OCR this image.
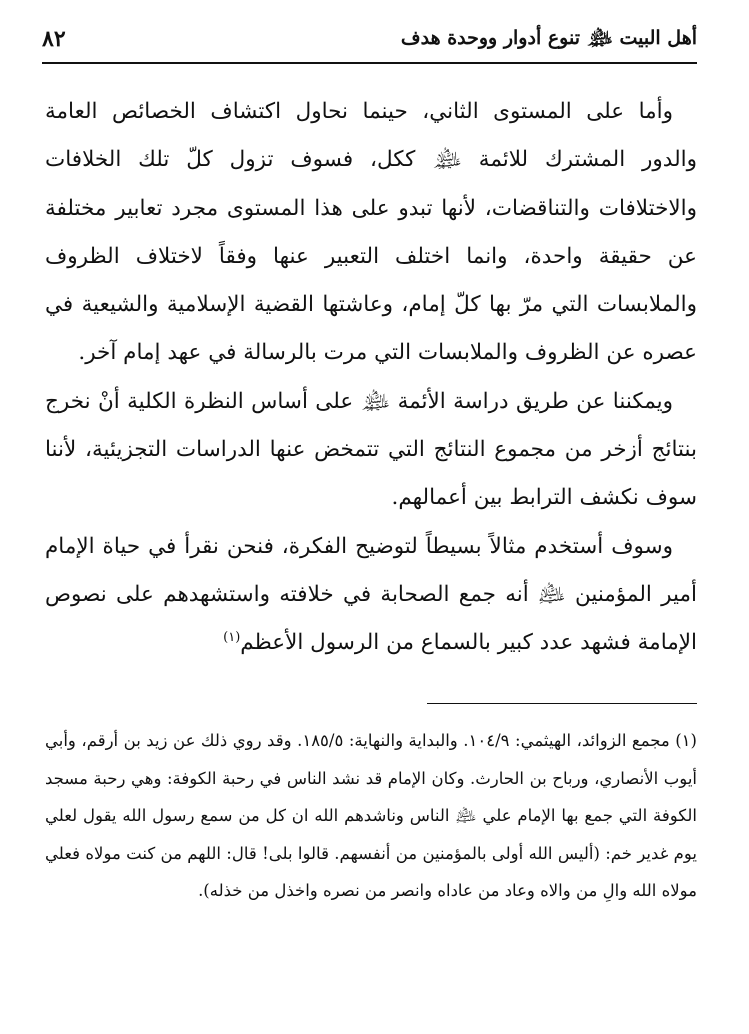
أهل البيت ﵈ تنوع أدوار ووحدة هدف
٨٢

وأما على المستوى الثاني، حينما نحاول اكتشاف الخصائص العامة والدور المشترك للائمة ﵈ ككل، فسوف تزول كلّ تلك الخلافات والاختلافات والتناقضات، لأنها تبدو على هذا المستوى مجرد تعابير مختلفة عن حقيقة واحدة، وانما اختلف التعبير عنها وفقاً لاختلاف الظروف والملابسات التي مرّ بها كلّ إمام، وعاشتها القضية الإسلامية والشيعية في عصره عن الظروف والملابسات التي مرت بالرسالة في عهد إمام آخر.

ويمكننا عن طريق دراسة الأئمة ﵈ على أساس النظرة الكلية أنْ نخرج بنتائج أزخر من مجموع النتائج التي تتمخض عنها الدراسات التجزيئية، لأننا سوف نكشف الترابط بين أعمالهم.

وسوف أستخدم مثالاً بسيطاً لتوضيح الفكرة، فنحن نقرأ في حياة الإمام أمير المؤمنين ﵇ أنه جمع الصحابة في خلافته واستشهدهم على نصوص الإمامة فشهد عدد كبير بالسماع من الرسول الأعظم$^{(١)}$

(١) مجمع الزوائد، الهيثمي: ١٠٤/٩. والبداية والنهاية: ١٨٥/٥. وقد روي ذلك عن زيد بن أرقم، وأبي أيوب الأنصاري، ورباح بن الحارث. وكان الإمام قد نشد الناس في رحبة الكوفة: وهي رحبة مسجد الكوفة التي جمع بها الإمام علي ﵇ الناس وناشدهم الله ان كل من سمع رسول الله يقول لعلي يوم غدير خم: (أليس الله أولى بالمؤمنين من أنفسهم. قالوا بلى! قال: اللهم من كنت مولاه فعلي مولاه الله والِ من والاه وعاد من عاداه وانصر من نصره واخذل من خذله).
